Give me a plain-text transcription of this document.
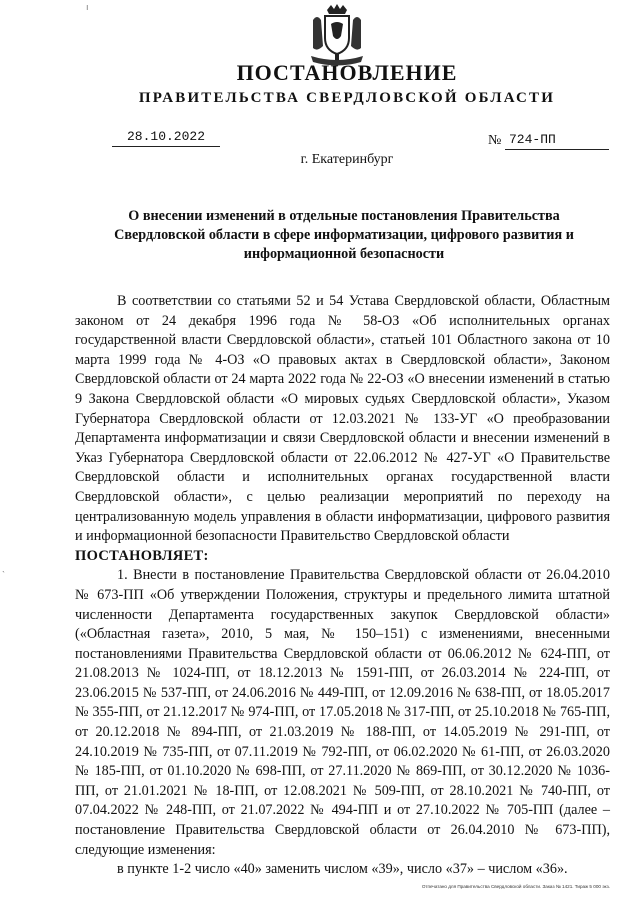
ПОСТАНОВЛЕНИЕ
ПРАВИТЕЛЬСТВА СВЕРДЛОВСКОЙ ОБЛАСТИ
28.10.2022	№ 724-ПП
г. Екатеринбург
О внесении изменений в отдельные постановления Правительства Свердловской области в сфере информатизации, цифрового развития и информационной безопасности

В соответствии со статьями 52 и 54 Устава Свердловской области, Областным законом от 24 декабря 1996 года № 58-ОЗ «Об исполнительных органах государственной власти Свердловской области», статьей 101 Областного закона от 10 марта 1999 года № 4-ОЗ «О правовых актах в Свердловской области», Законом Свердловской области от 24 марта 2022 года № 22-ОЗ «О внесении изменений в статью 9 Закона Свердловской области «О мировых судьях Свердловской области», Указом Губернатора Свердловской области от 12.03.2021 № 133-УГ «О преобразовании Департамента информатизации и связи Свердловской области и внесении изменений в Указ Губернатора Свердловской области от 22.06.2012 № 427-УГ «О Правительстве Свердловской области и исполнительных органах государственной власти Свердловской области», с целью реализации мероприятий по переходу на централизованную модель управления в области информатизации, цифрового развития и информационной безопасности Правительство Свердловской области

ПОСТАНОВЛЯЕТ:

1. Внести в постановление Правительства Свердловской области от 26.04.2010 № 673-ПП «Об утверждении Положения, структуры и предельного лимита штатной численности Департамента государственных закупок Свердловской области» («Областная газета», 2010, 5 мая, № 150–151) с изменениями, внесенными постановлениями Правительства Свердловской области от 06.06.2012 № 624-ПП, от 21.08.2013 № 1024-ПП, от 18.12.2013 № 1591-ПП, от 26.03.2014 № 224-ПП, от 23.06.2015 № 537-ПП, от 24.06.2016 № 449-ПП, от 12.09.2016 № 638-ПП, от 18.05.2017 № 355-ПП, от 21.12.2017 № 974-ПП, от 17.05.2018 № 317-ПП, от 25.10.2018 № 765-ПП, от 20.12.2018 № 894-ПП, от 21.03.2019 № 188-ПП, от 14.05.2019 № 291-ПП, от 24.10.2019 № 735-ПП, от 07.11.2019 № 792-ПП, от 06.02.2020 № 61-ПП, от 26.03.2020 № 185-ПП, от 01.10.2020 № 698-ПП, от 27.11.2020 № 869-ПП, от 30.12.2020 № 1036-ПП, от 21.01.2021 № 18-ПП, от 12.08.2021 № 509-ПП, от 28.10.2021 № 740-ПП, от 07.04.2022 № 248-ПП, от 21.07.2022 № 494-ПП и от 27.10.2022 № 705-ПП (далее – постановление Правительства Свердловской области от 26.04.2010 № 673-ПП), следующие изменения:

в пункте 1-2 число «40» заменить числом «39», число «37» – числом «36».

Отпечатано для Правительства Свердловской области. Заказ № 1421. Тираж 5 000 экз.
ı
`
